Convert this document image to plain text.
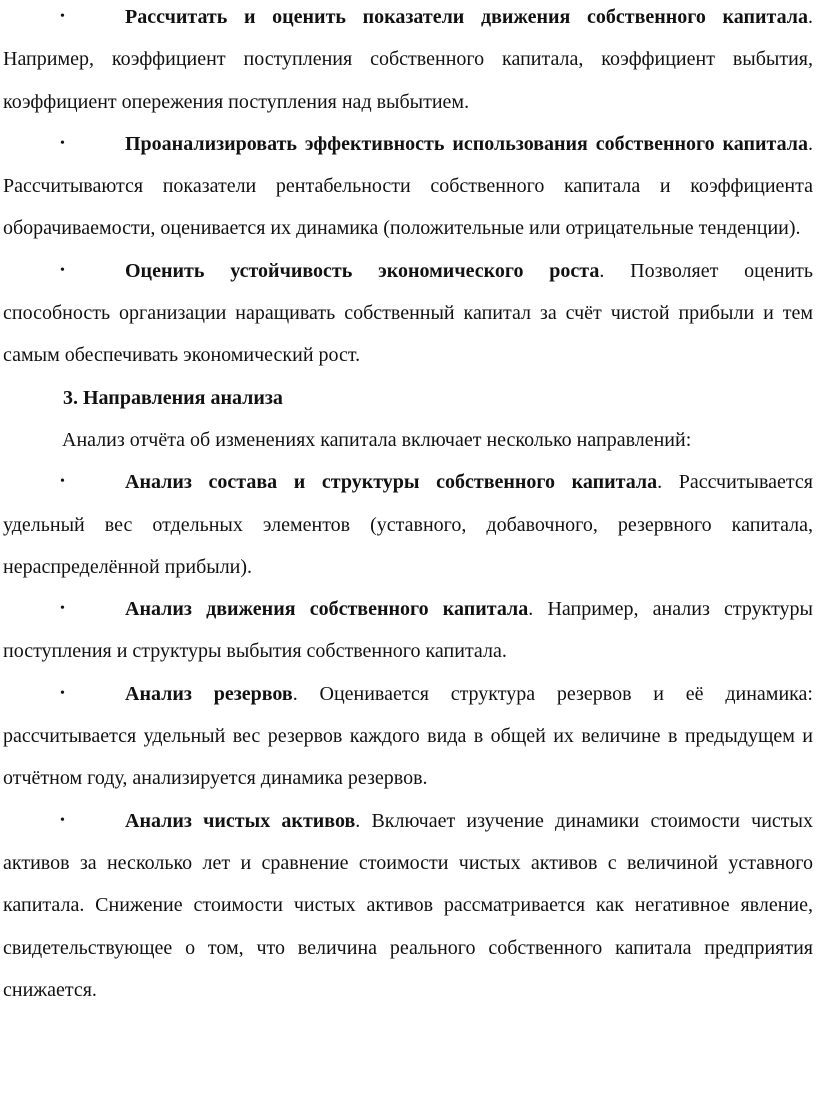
•	Рассчитать и оценить показатели движения собственного капитала. Например, коэффициент поступления собственного капитала, коэффициент выбытия, коэффициент опережения поступления над выбытием.

•	Проанализировать эффективность использования собственного капитала. Рассчитываются показатели рентабельности собственного капитала и коэффициента оборачиваемости, оценивается их динамика (положительные или отрицательные тенденции).

•	Оценить устойчивость экономического роста. Позволяет оценить способность организации наращивать собственный капитал за счёт чистой прибыли и тем самым обеспечивать экономический рост.

3. Направления анализа

Анализ отчёта об изменениях капитала включает несколько направлений:

•	Анализ состава и структуры собственного капитала. Рассчитывается удельный вес отдельных элементов (уставного, добавочного, резервного капитала, нераспределённой прибыли).

•	Анализ движения собственного капитала. Например, анализ структуры поступления и структуры выбытия собственного капитала.

•	Анализ резервов. Оценивается структура резервов и её динамика: рассчитывается удельный вес резервов каждого вида в общей их величине в предыдущем и отчётном году, анализируется динамика резервов.

•	Анализ чистых активов. Включает изучение динамики стоимости чистых активов за несколько лет и сравнение стоимости чистых активов с величиной уставного капитала. Снижение стоимости чистых активов рассматривается как негативное явление, свидетельствующее о том, что величина реального собственного капитала предприятия снижается.
